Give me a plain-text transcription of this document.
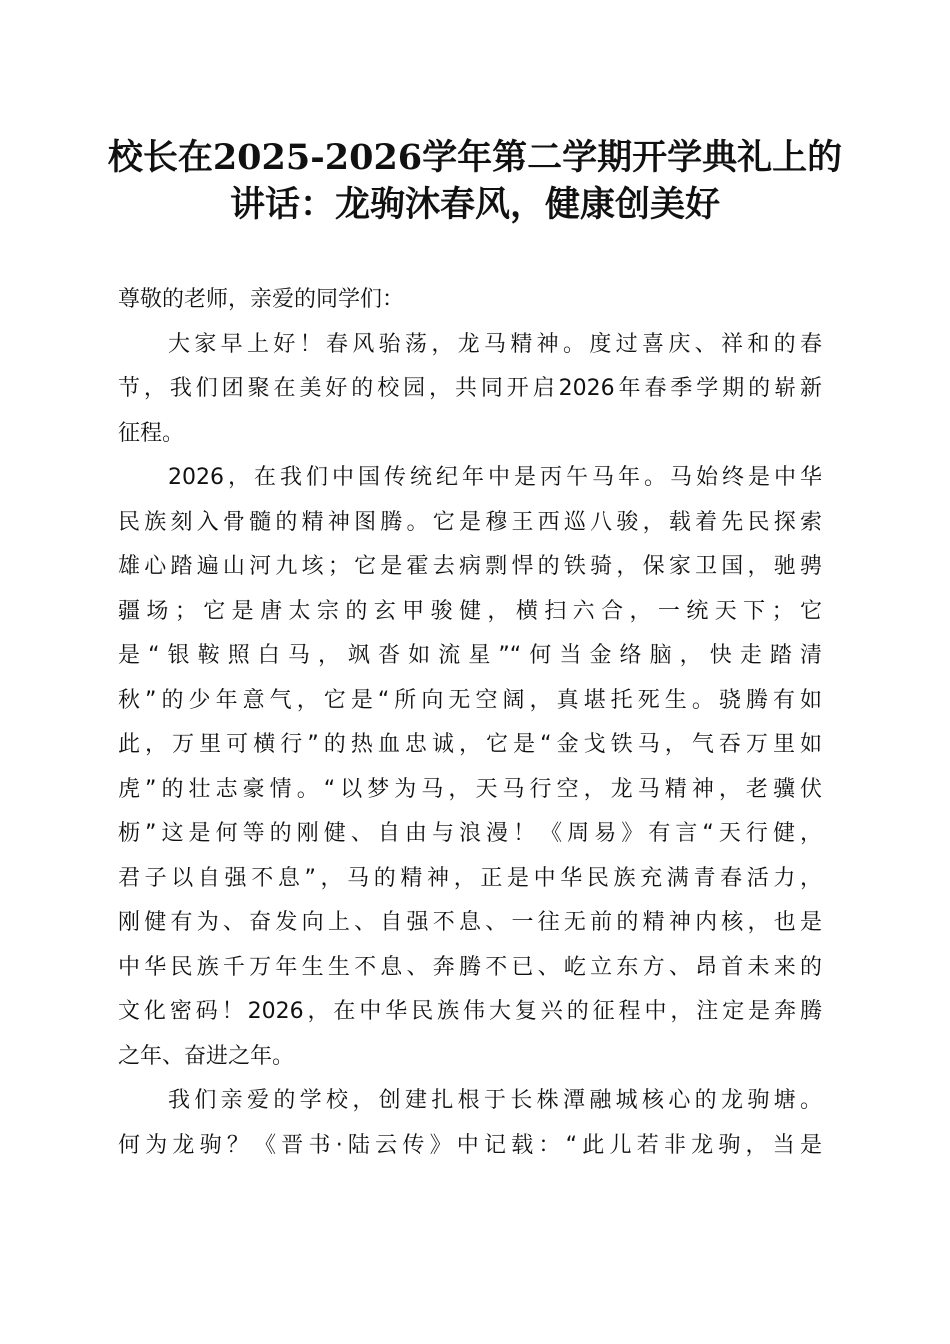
校长在2025-2026学年第二学期开学典礼上的
讲话：龙驹沐春风，健康创美好
尊敬的老师，亲爱的同学们：
大家早上好！春风骀荡，龙马精神。度过喜庆、祥和的春
节，我们团聚在美好的校园，共同开启2026年春季学期的崭新
征程。
2026，在我们中国传统纪年中是丙午马年。马始终是中华
民族刻入骨髓的精神图腾。它是穆王西巡八骏，载着先民探索
雄心踏遍山河九垓；它是霍去病剽悍的铁骑，保家卫国，驰骋
疆场；它是唐太宗的玄甲骏健，横扫六合，一统天下；它
是“银鞍照白马，飒沓如流星”“何当金络脑，快走踏清
秋”的少年意气，它是“所向无空阔，真堪托死生。骁腾有如
此，万里可横行”的热血忠诚，它是“金戈铁马，气吞万里如
虎”的壮志豪情。“以梦为马，天马行空，龙马精神，老骥伏
枥”这是何等的刚健、自由与浪漫！《周易》有言“天行健，
君子以自强不息”，马的精神，正是中华民族充满青春活力，
刚健有为、奋发向上、自强不息、一往无前的精神内核，也是
中华民族千万年生生不息、奔腾不已、屹立东方、昂首未来的
文化密码！2026，在中华民族伟大复兴的征程中，注定是奔腾
之年、奋进之年。
我们亲爱的学校，创建扎根于长株潭融城核心的龙驹塘。
何为龙驹？《晋书·陆云传》中记载：“此儿若非龙驹，当是
